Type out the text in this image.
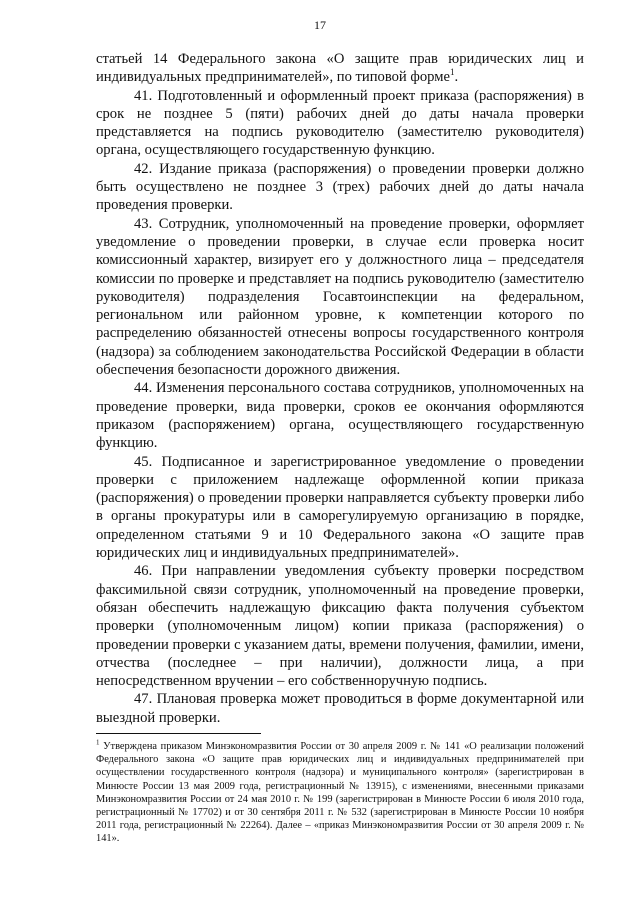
17

статьей 14 Федерального закона «О защите прав юридических лиц и индивидуальных предпринимателей», по типовой форме$^1$.

41. Подготовленный и оформленный проект приказа (распоряжения) в срок не позднее 5 (пяти) рабочих дней до даты начала проверки представляется на подпись руководителю (заместителю руководителя) органа, осуществляющего государственную функцию.

42. Издание приказа (распоряжения) о проведении проверки должно быть осуществлено не позднее 3 (трех) рабочих дней до даты начала проведения проверки.

43. Сотрудник, уполномоченный на проведение проверки, оформляет уведомление о проведении проверки, в случае если проверка носит комиссионный характер, визирует его у должностного лица – председателя комиссии по проверке и представляет на подпись руководителю (заместителю руководителя) подразделения Госавтоинспекции на федеральном, региональном или районном уровне, к компетенции которого по распределению обязанностей отнесены вопросы государственного контроля (надзора) за соблюдением законодательства Российской Федерации в области обеспечения безопасности дорожного движения.

44. Изменения персонального состава сотрудников, уполномоченных на проведение проверки, вида проверки, сроков ее окончания оформляются приказом (распоряжением) органа, осуществляющего государственную функцию.

45. Подписанное и зарегистрированное уведомление о проведении проверки с приложением надлежаще оформленной копии приказа (распоряжения) о проведении проверки направляется субъекту проверки либо в органы прокуратуры или в саморегулируемую организацию в порядке, определенном статьями 9 и 10 Федерального закона «О защите прав юридических лиц и индивидуальных предпринимателей».

46. При направлении уведомления субъекту проверки посредством факсимильной связи сотрудник, уполномоченный на проведение проверки, обязан обеспечить надлежащую фиксацию факта получения субъектом проверки (уполномоченным лицом) копии приказа (распоряжения) о проведении проверки с указанием даты, времени получения, фамилии, имени, отчества (последнее – при наличии), должности лица, а при непосредственном вручении – его собственноручную подпись.

47. Плановая проверка может проводиться в форме документарной или выездной проверки.

$^1$ Утверждена приказом Минэкономразвития России от 30 апреля 2009 г. № 141 «О реализации положений Федерального закона «О защите прав юридических лиц и индивидуальных предпринимателей при осуществлении государственного контроля (надзора) и муниципального контроля» (зарегистрирован в Минюсте России 13 мая 2009 года, регистрационный № 13915), с изменениями, внесенными приказами Минэкономразвития России от 24 мая 2010 г. № 199 (зарегистрирован в Минюсте России 6 июля 2010 года, регистрационный № 17702) и от 30 сентября 2011 г. № 532 (зарегистрирован в Минюсте России 10 ноября 2011 года, регистрационный № 22264). Далее – «приказ Минэкономразвития России от 30 апреля 2009 г. № 141».
